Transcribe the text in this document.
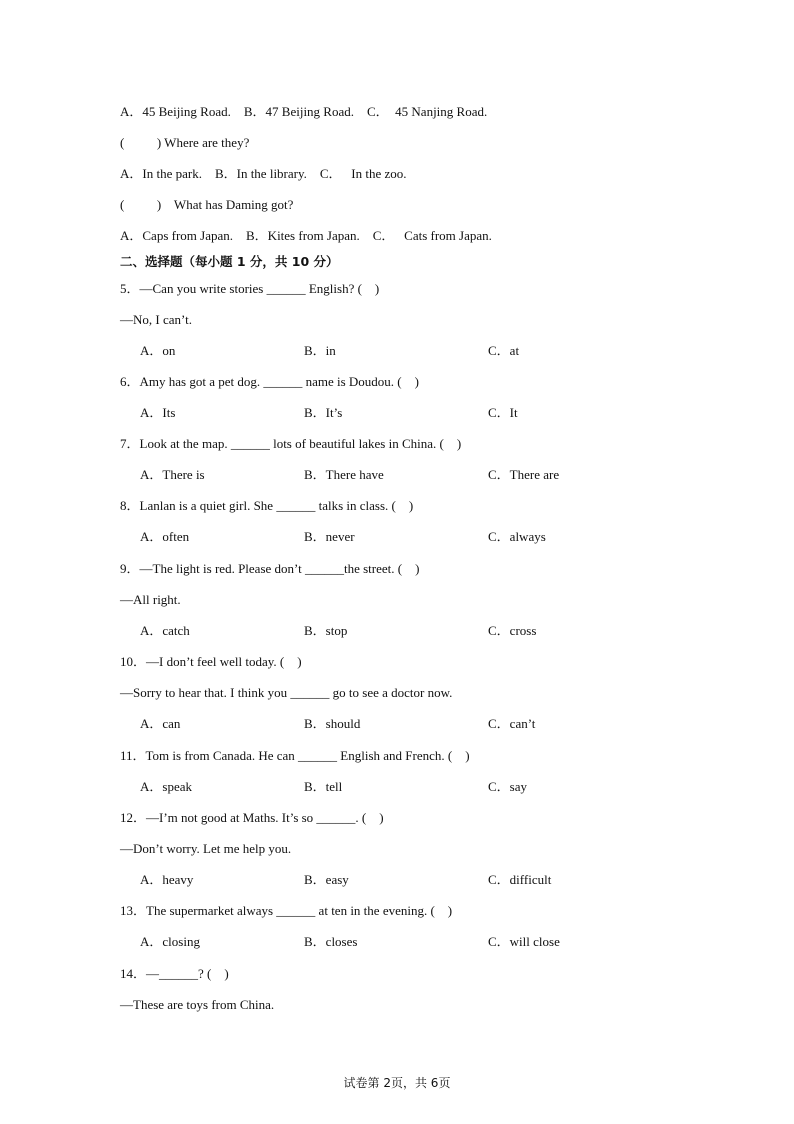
A．45 Beijing Road.    B．47 Beijing Road.    C．  45 Nanjing Road.
(          ) Where are they?
A．In the park.    B．In the library.    C．   In the zoo.
(          )    What has Daming got?
A．Caps from Japan.    B．Kites from Japan.    C．   Cats from Japan.
二、选择题（每小题 1 分，共 10 分）
5．—Can you write stories ______ English? (    )
—No, I can’t.
A．on	B．in	C．at
6．Amy has got a pet dog. ______ name is Doudou. (    )
A．Its	B．It’s	C．It
7．Look at the map. ______ lots of beautiful lakes in China. (    )
A．There is	B．There have	C．There are
8．Lanlan is a quiet girl. She ______ talks in class. (    )
A．often	B．never	C．always
9．—The light is red. Please don’t ______the street. (    )
—All right.
A．catch	B．stop	C．cross
10．—I don’t feel well today. (    )
—Sorry to hear that. I think you ______ go to see a doctor now.
A．can	B．should	C．can’t
11．Tom is from Canada. He can ______ English and French. (    )
A．speak	B．tell	C．say
12．—I’m not good at Maths. It’s so ______. (    )
—Don’t worry. Let me help you.
A．heavy	B．easy	C．difficult
13．The supermarket always ______ at ten in the evening. (    )
A．closing	B．closes	C．will close
14．—______? (    )
—These are toys from China.
试卷第 2页，共 6页
